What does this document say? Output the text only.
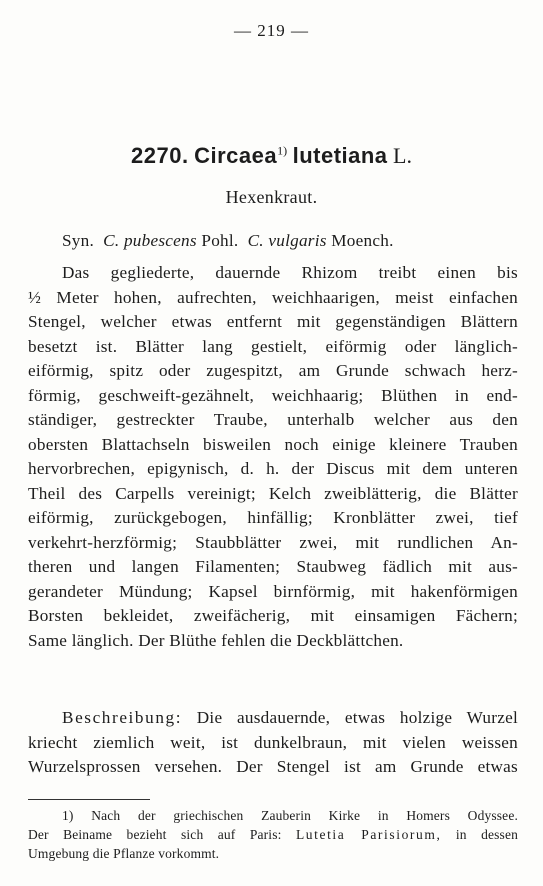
— 219 —
2270. Circaea$^{1)}$ lutetiana L.
Hexenkraut.
Syn. C. pubescens Pohl. C. vulgaris Moench.
Das gegliederte, dauernde Rhizom treibt einen bis
½ Meter hohen, aufrechten, weichhaarigen, meist einfachen
Stengel, welcher etwas entfernt mit gegenständigen Blättern
besetzt ist. Blätter lang gestielt, eiförmig oder länglich-
eiförmig, spitz oder zugespitzt, am Grunde schwach herz-
förmig, geschweift-gezähnelt, weichhaarig; Blüthen in end-
ständiger, gestreckter Traube, unterhalb welcher aus den
obersten Blattachseln bisweilen noch einige kleinere Trauben
hervorbrechen, epigynisch, d. h. der Discus mit dem unteren
Theil des Carpells vereinigt; Kelch zweiblätterig, die Blätter
eiförmig, zurückgebogen, hinfällig; Kronblätter zwei, tief
verkehrt-herzförmig; Staubblätter zwei, mit rundlichen An-
theren und langen Filamenten; Staubweg fädlich mit aus-
gerandeter Mündung; Kapsel birnförmig, mit hakenförmigen
Borsten bekleidet, zweifächerig, mit einsamigen Fächern;
Same länglich. Der Blüthe fehlen die Deckblättchen.
Beschreibung: Die ausdauernde, etwas holzige Wurzel
kriecht ziemlich weit, ist dunkelbraun, mit vielen weissen
Wurzelsprossen versehen. Der Stengel ist am Grunde etwas
1) Nach der griechischen Zauberin Kirke in Homers Odyssee.
Der Beiname bezieht sich auf Paris: Lutetia Parisiorum, in dessen
Umgebung die Pflanze vorkommt.
